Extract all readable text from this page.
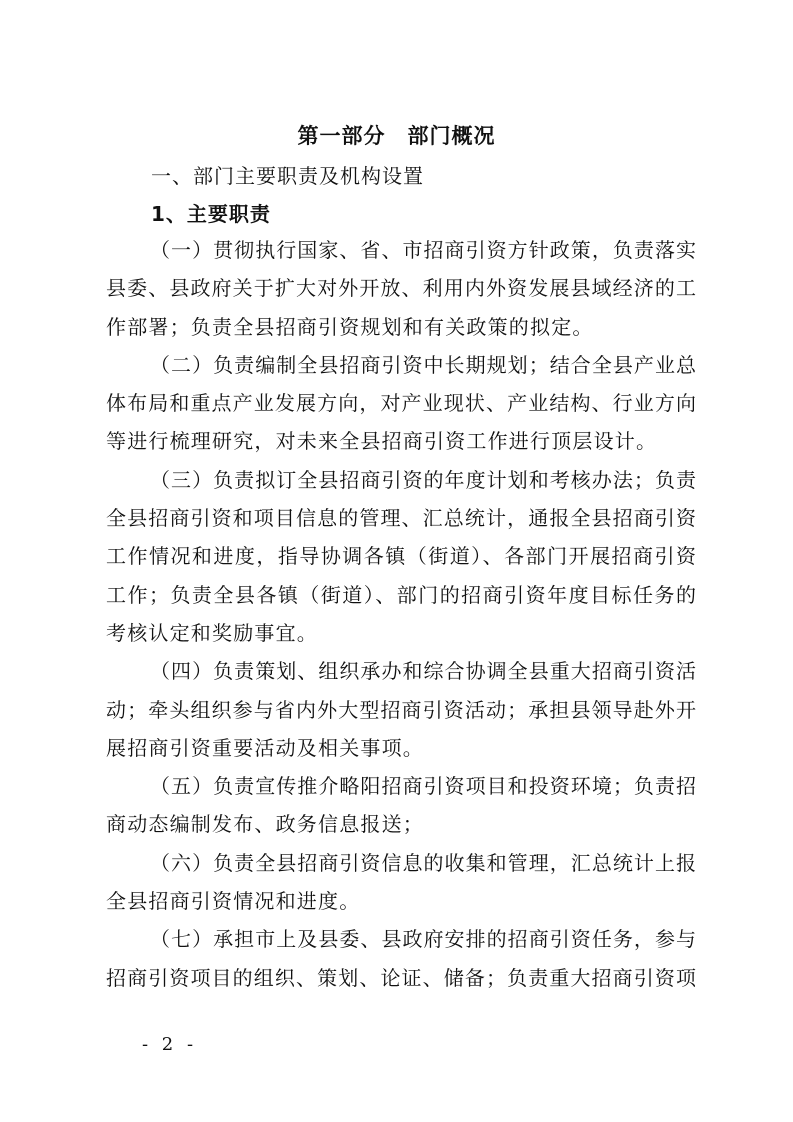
第一部分　部门概况
一、部门主要职责及机构设置
1、主要职责
（一）贯彻执行国家、省、市招商引资方针政策，负责落实
县委、县政府关于扩大对外开放、利用内外资发展县域经济的工
作部署；负责全县招商引资规划和有关政策的拟定。
（二）负责编制全县招商引资中长期规划；结合全县产业总
体布局和重点产业发展方向，对产业现状、产业结构、行业方向
等进行梳理研究，对未来全县招商引资工作进行顶层设计。
（三）负责拟订全县招商引资的年度计划和考核办法；负责
全县招商引资和项目信息的管理、汇总统计，通报全县招商引资
工作情况和进度，指导协调各镇（街道）、各部门开展招商引资
工作；负责全县各镇（街道）、部门的招商引资年度目标任务的
考核认定和奖励事宜。
（四）负责策划、组织承办和综合协调全县重大招商引资活
动；牵头组织参与省内外大型招商引资活动；承担县领导赴外开
展招商引资重要活动及相关事项。
（五）负责宣传推介略阳招商引资项目和投资环境；负责招
商动态编制发布、政务信息报送；
（六）负责全县招商引资信息的收集和管理，汇总统计上报
全县招商引资情况和进度。
（七）承担市上及县委、县政府安排的招商引资任务，参与
招商引资项目的组织、策划、论证、储备；负责重大招商引资项
- 2 -
